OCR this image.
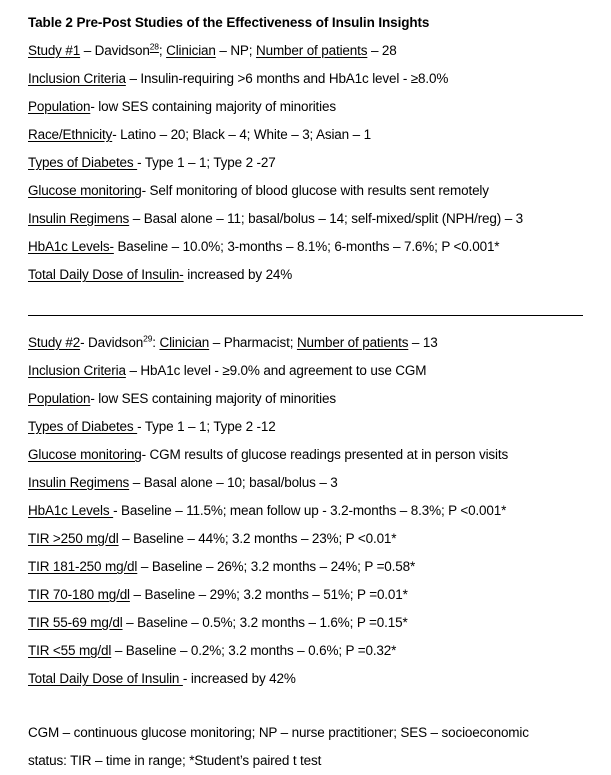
Table 2 Pre-Post Studies of the Effectiveness of Insulin Insights
Study #1 – Davidson$^{28}$; Clinician – NP; Number of patients – 28
Inclusion Criteria – Insulin-requiring >6 months and HbA1c level - ≥8.0%
Population- low SES containing majority of minorities
Race/Ethnicity- Latino – 20; Black – 4; White – 3; Asian – 1
Types of Diabetes - Type 1 – 1; Type 2 -27
Glucose monitoring- Self monitoring of blood glucose with results sent remotely
Insulin Regimens – Basal alone – 11; basal/bolus – 14; self-mixed/split (NPH/reg) – 3
HbA1c Levels- Baseline – 10.0%; 3-months – 8.1%; 6-months – 7.6%; P <0.001*
Total Daily Dose of Insulin- increased by 24%
Study #2- Davidson$^{29}$: Clinician – Pharmacist; Number of patients – 13
Inclusion Criteria – HbA1c level - ≥9.0% and agreement to use CGM
Population- low SES containing majority of minorities
Types of Diabetes - Type 1 – 1; Type 2 -12
Glucose monitoring- CGM results of glucose readings presented at in person visits
Insulin Regimens – Basal alone – 10; basal/bolus – 3
HbA1c Levels - Baseline – 11.5%; mean follow up - 3.2-months – 8.3%; P <0.001*
TIR >250 mg/dl – Baseline – 44%; 3.2 months – 23%; P <0.01*
TIR 181-250 mg/dl – Baseline – 26%; 3.2 months – 24%; P =0.58*
TIR 70-180 mg/dl – Baseline – 29%; 3.2 months – 51%; P =0.01*
TIR 55-69 mg/dl – Baseline – 0.5%; 3.2 months – 1.6%; P =0.15*
TIR <55 mg/dl – Baseline – 0.2%; 3.2 months – 0.6%; P =0.32*
Total Daily Dose of Insulin - increased by 42%
CGM – continuous glucose monitoring; NP – nurse practitioner; SES – socioeconomic
status: TIR – time in range; *Student’s paired t test
